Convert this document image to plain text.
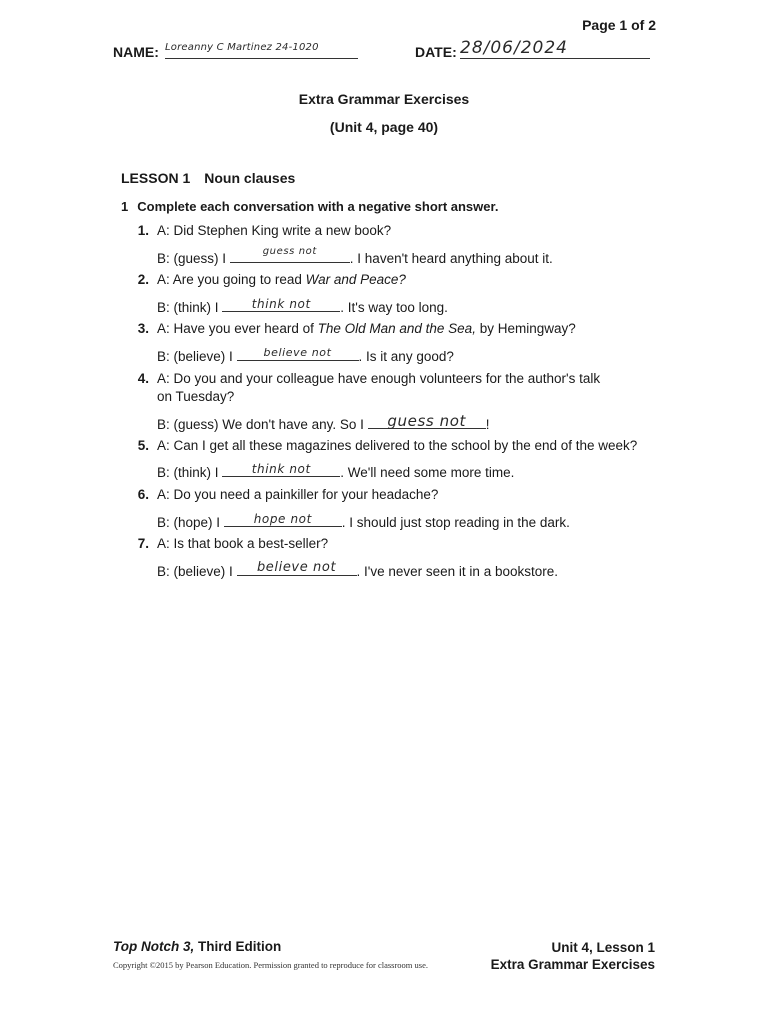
Page 1 of 2
NAME: Loreanny C Martinez 24-1020	DATE: 28/06/2024
Extra Grammar Exercises
(Unit 4, page 40)
LESSON 1 Noun clauses
1 Complete each conversation with a negative short answer.
1. A: Did Stephen King write a new book?
B: (guess) I	guess not	. I haven't heard anything about it.
2. A: Are you going to read War and Peace?
B: (think) I	think not	. It's way too long.
3. A: Have you ever heard of The Old Man and the Sea, by Hemingway?
B: (believe) I	believe not	. Is it any good?
4. A: Do you and your colleague have enough volunteers for the author's talk
on Tuesday?
B: (guess) We don't have any. So I	guess not	!
5. A: Can I get all these magazines delivered to the school by the end of the week?
B: (think) I	think not	. We'll need some more time.
6. A: Do you need a painkiller for your headache?
B: (hope) I	hope not	. I should just stop reading in the dark.
7. A: Is that book a best-seller?
B: (believe) I	believe not	. I've never seen it in a bookstore.
Top Notch 3, Third Edition
Copyright ©2015 by Pearson Education. Permission granted to reproduce for classroom use.
Unit 4, Lesson 1
Extra Grammar Exercises
